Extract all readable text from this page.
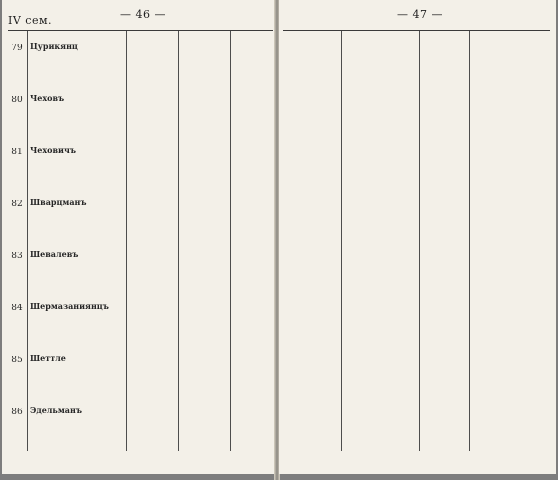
IV сем.	— 46 —
79 Цурикянц
80 Чеховъ
81 Чеховичъ
82 Шварцманъ
83 Шевалевъ
84 Шермазаниянцъ
85 Шеттле
86 Эдельманъ
— 47 —
